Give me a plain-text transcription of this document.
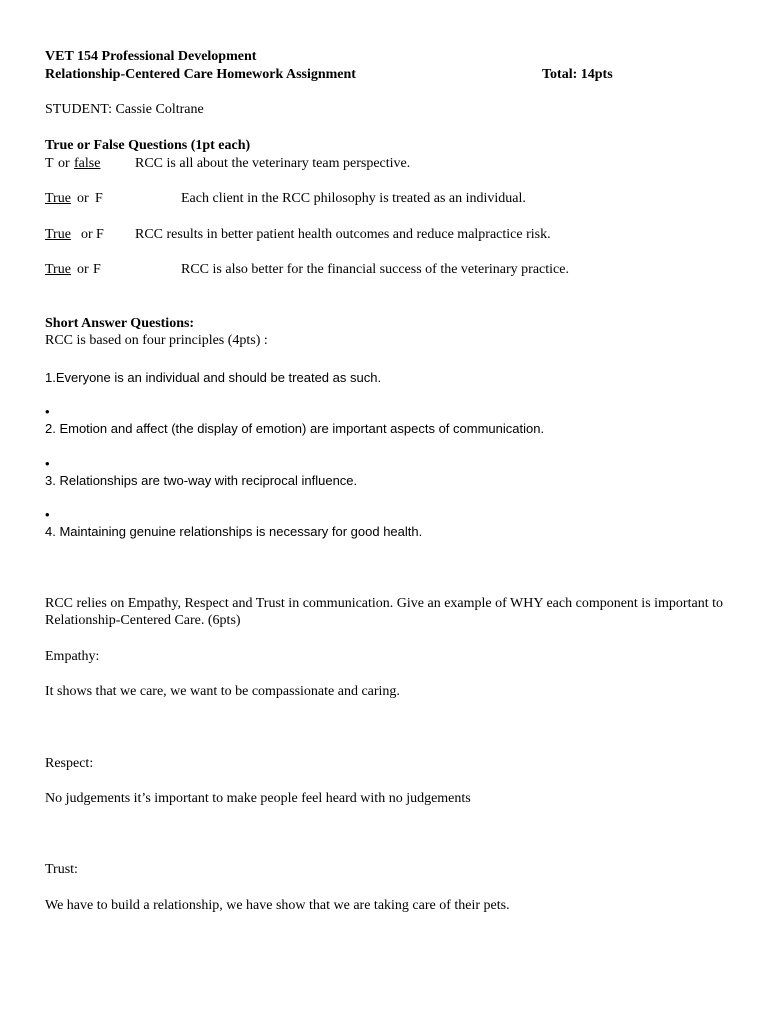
VET 154 Professional Development
Relationship-Centered Care Homework Assignment	Total: 14pts
STUDENT: Cassie Coltrane
True or False Questions (1pt each)
T or false RCC is all about the veterinary team perspective.
True or F	Each client in the RCC philosophy is treated as an individual.
True or F RCC results in better patient health outcomes and reduce malpractice risk.
True or F	RCC is also better for the financial success of the veterinary practice.
Short Answer Questions:
RCC is based on four principles (4pts) :
1.Everyone is an individual and should be treated as such.
•
2. Emotion and affect (the display of emotion) are important aspects of communication.
•
3. Relationships are two-way with reciprocal influence.
•
4. Maintaining genuine relationships is necessary for good health.
RCC relies on Empathy, Respect and Trust in communication. Give an example of WHY each component is important to Relationship-Centered Care. (6pts)
Empathy:
It shows that we care, we want to be compassionate and caring.
Respect:
No judgements it’s important to make people feel heard with no judgements
Trust:
We have to build a relationship, we have show that we are taking care of their pets.
